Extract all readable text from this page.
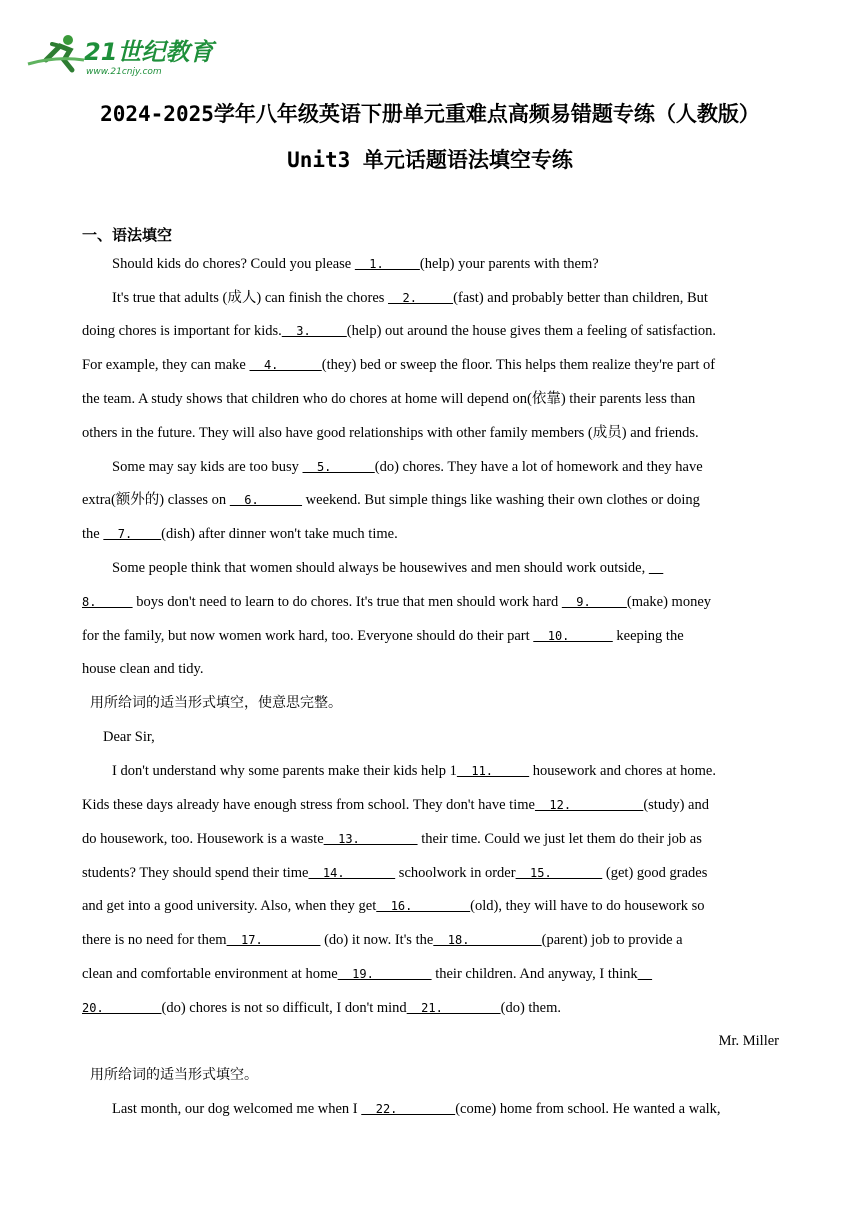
21世纪教育
www.21cnjy.com
2024-2025学年八年级英语下册单元重难点高频易错题专练（人教版）
Unit3 单元话题语法填空专练
一、语法填空
Should kids do chores? Could you please   1.     (help) your parents with them?
It's true that adults (成人) can finish the chores   2.     (fast) and probably better than children, But
doing chores is important for kids.  3.     (help) out around the house gives them a feeling of satisfaction.
For example, they can make   4.      (they) bed or sweep the floor. This helps them realize they're part of
the team. A study shows that children who do chores at home will depend on(依靠) their parents less than
others in the future. They will also have good relationships with other family members (成员) and friends.
Some may say kids are too busy   5.      (do) chores. They have a lot of homework and they have
extra(额外的) classes on   6.       weekend. But simple things like washing their own clothes or doing
the   7.    (dish) after dinner won't take much time.
Some people think that women should always be housewives and men should work outside,
8.      boys don't need to learn to do chores. It's true that men should work hard   9.     (make) money
for the family, but now women work hard, too. Everyone should do their part   10.       keeping the
house clean and tidy.
用所给词的适当形式填空，使意思完整。
Dear Sir,
I don't understand why some parents make their kids help 1  11.      housework and chores at home.
Kids these days already have enough stress from school. They don't have time  12.          (study) and
do housework, too. Housework is a waste  13.         their time. Could we just let them do their job as
students? They should spend their time  14.        schoolwork in order  15.        (get) good grades
and get into a good university. Also, when they get  16.        (old), they will have to do housework so
there is no need for them  17.         (do) it now. It's the  18.          (parent) job to provide a
clean and comfortable environment at home  19.         their children. And anyway, I think
20.        (do) chores is not so difficult, I don't mind  21.        (do) them.
Mr. Miller
用所给词的适当形式填空。
Last month, our dog welcomed me when I   22.        (come) home from school. He wanted a walk,
